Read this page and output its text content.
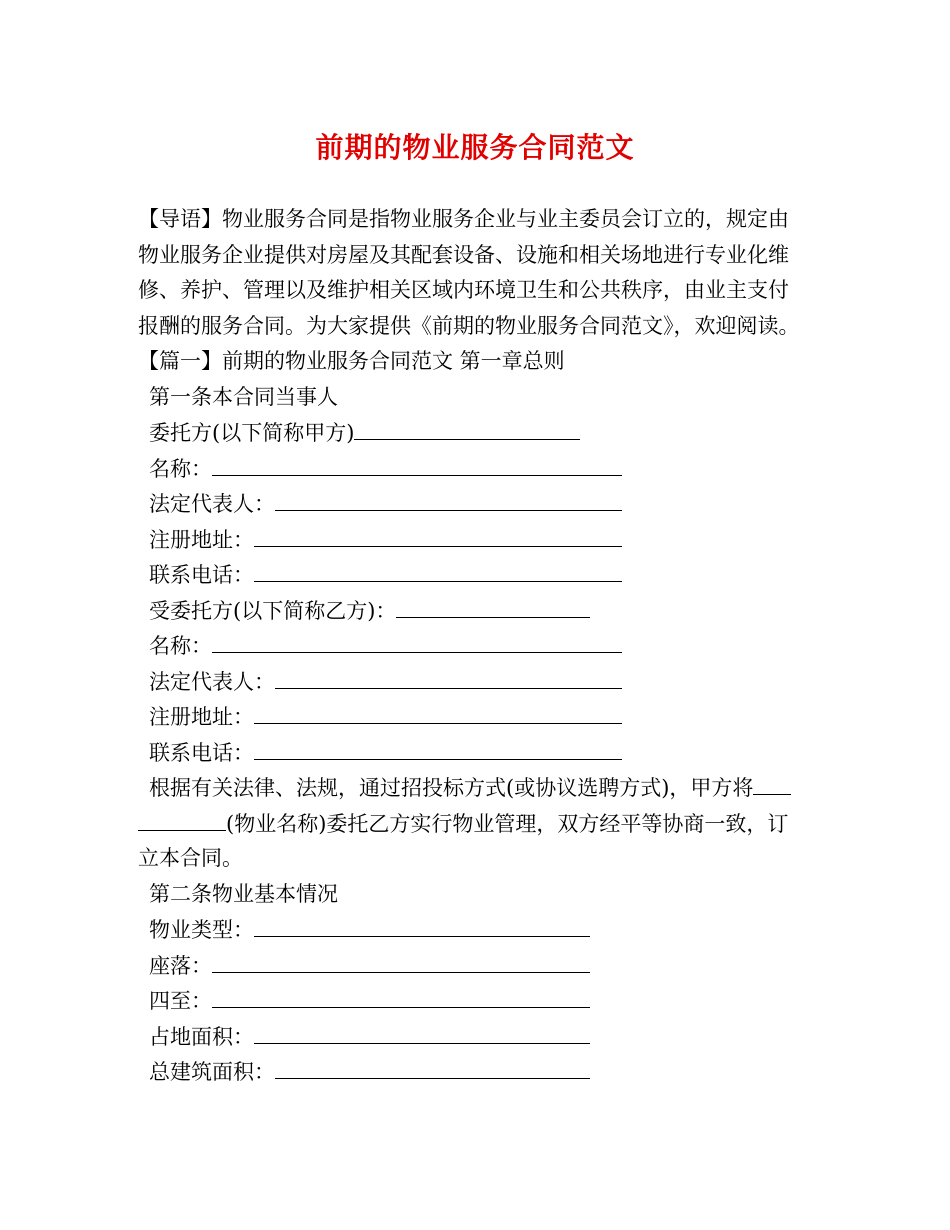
前期的物业服务合同范文
【导语】物业服务合同是指物业服务企业与业主委员会订立的，规定由
物业服务企业提供对房屋及其配套设备、设施和相关场地进行专业化维
修、养护、管理以及维护相关区域内环境卫生和公共秩序，由业主支付
报酬的服务合同。为大家提供《前期的物业服务合同范文》，欢迎阅读。
【篇一】前期的物业服务合同范文 第一章总则
第一条本合同当事人
委托方(以下简称甲方)
名称：
法定代表人：
注册地址：
联系电话：
受委托方(以下简称乙方)：
名称：
法定代表人：
注册地址：
联系电话：
根据有关法律、法规，通过招投标方式(或协议选聘方式)，甲方将
(物业名称)委托乙方实行物业管理，双方经平等协商一致，订
立本合同。
第二条物业基本情况
物业类型：
座落：
四至：
占地面积：
总建筑面积：
